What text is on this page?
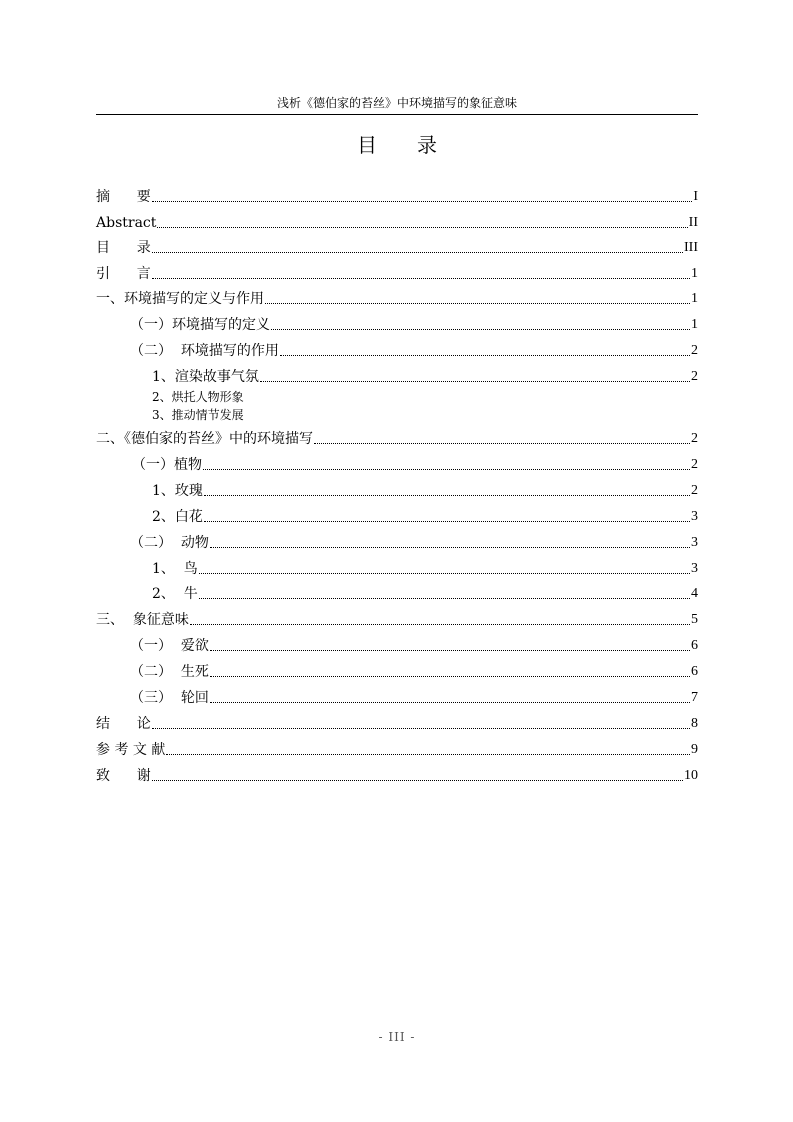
浅析《德伯家的苔丝》中环境描写的象征意味
目录
摘      要	I
Abstract	II
目      录	III
引      言	1
一、环境描写的定义与作用	1
（一）环境描写的定义	1
（二）  环境描写的作用	2
1、渲染故事气氛	2
2、烘托人物形象
3、推动情节发展
二、《德伯家的苔丝》中的环境描写	2
（一）植物	2
1、玫瑰	2
2、白花	3
（二）  动物	3
1、  鸟	3
2、  牛	4
三、  象征意味	5
（一）  爱欲	6
（二）  生死	6
（三）  轮回	7
结      论	8
参 考 文 献	9
致      谢	10
- III -
